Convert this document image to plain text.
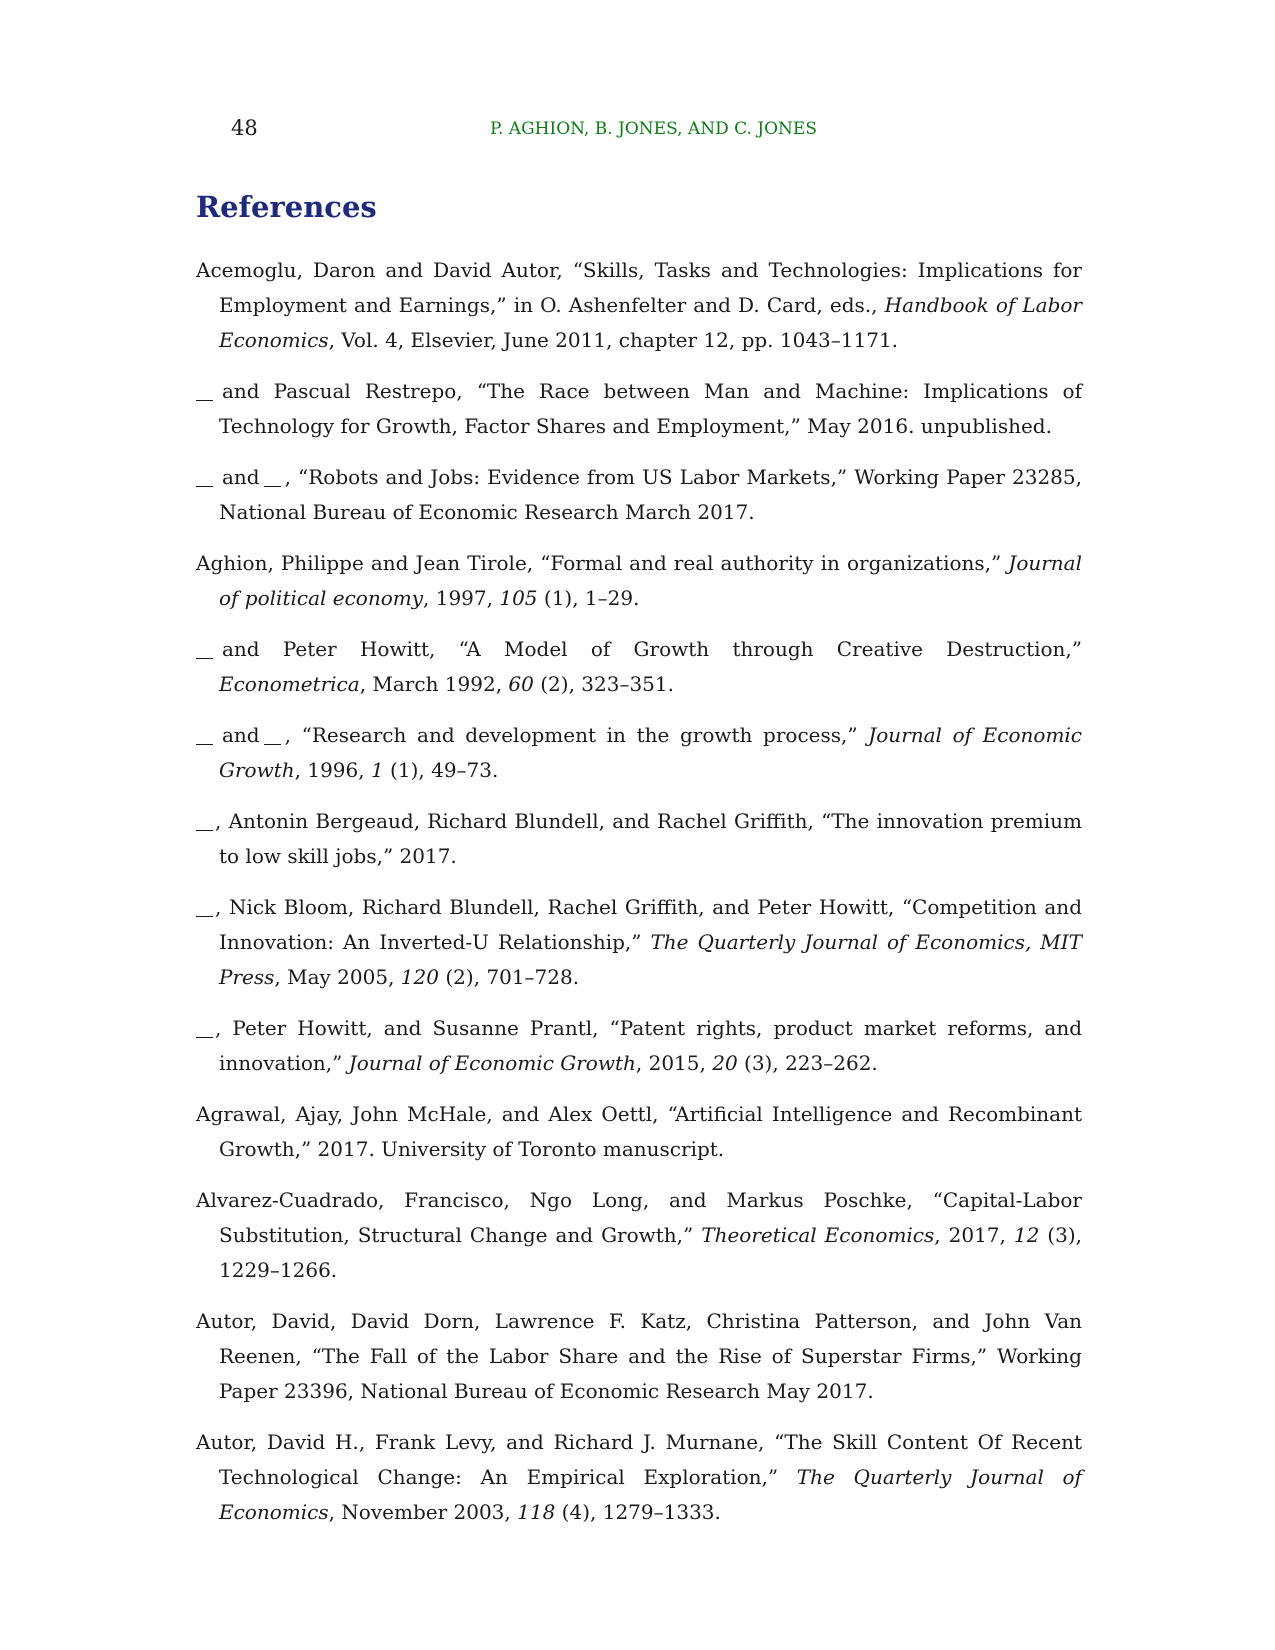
48	P. AGHION, B. JONES, AND C. JONES
References
Acemoglu, Daron and David Autor, “Skills, Tasks and Technologies: Implications for Employment and Earnings,” in O. Ashenfelter and D. Card, eds., Handbook of Labor Economics, Vol. 4, Elsevier, June 2011, chapter 12, pp. 1043–1171.
and Pascual Restrepo, “The Race between Man and Machine: Implications of Technology for Growth, Factor Shares and Employment,” May 2016. unpublished.
and , “Robots and Jobs: Evidence from US Labor Markets,” Working Paper 23285, National Bureau of Economic Research March 2017.
Aghion, Philippe and Jean Tirole, “Formal and real authority in organizations,” Journal of political economy, 1997, 105 (1), 1–29.
and Peter Howitt, “A Model of Growth through Creative Destruction,” Econometrica, March 1992, 60 (2), 323–351.
and , “Research and development in the growth process,” Journal of Economic Growth, 1996, 1 (1), 49–73.
, Antonin Bergeaud, Richard Blundell, and Rachel Griffith, “The innovation premium to low skill jobs,” 2017.
, Nick Bloom, Richard Blundell, Rachel Griffith, and Peter Howitt, “Competition and Innovation: An Inverted-U Relationship,” The Quarterly Journal of Economics, MIT Press, May 2005, 120 (2), 701–728.
, Peter Howitt, and Susanne Prantl, “Patent rights, product market reforms, and innovation,” Journal of Economic Growth, 2015, 20 (3), 223–262.
Agrawal, Ajay, John McHale, and Alex Oettl, “Artificial Intelligence and Recombinant Growth,” 2017. University of Toronto manuscript.
Alvarez-Cuadrado, Francisco, Ngo Long, and Markus Poschke, “Capital-Labor Substitution, Structural Change and Growth,” Theoretical Economics, 2017, 12 (3), 1229–1266.
Autor, David, David Dorn, Lawrence F. Katz, Christina Patterson, and John Van Reenen, “The Fall of the Labor Share and the Rise of Superstar Firms,” Working Paper 23396, National Bureau of Economic Research May 2017.
Autor, David H., Frank Levy, and Richard J. Murnane, “The Skill Content Of Recent Technological Change: An Empirical Exploration,” The Quarterly Journal of Economics, November 2003, 118 (4), 1279–1333.
